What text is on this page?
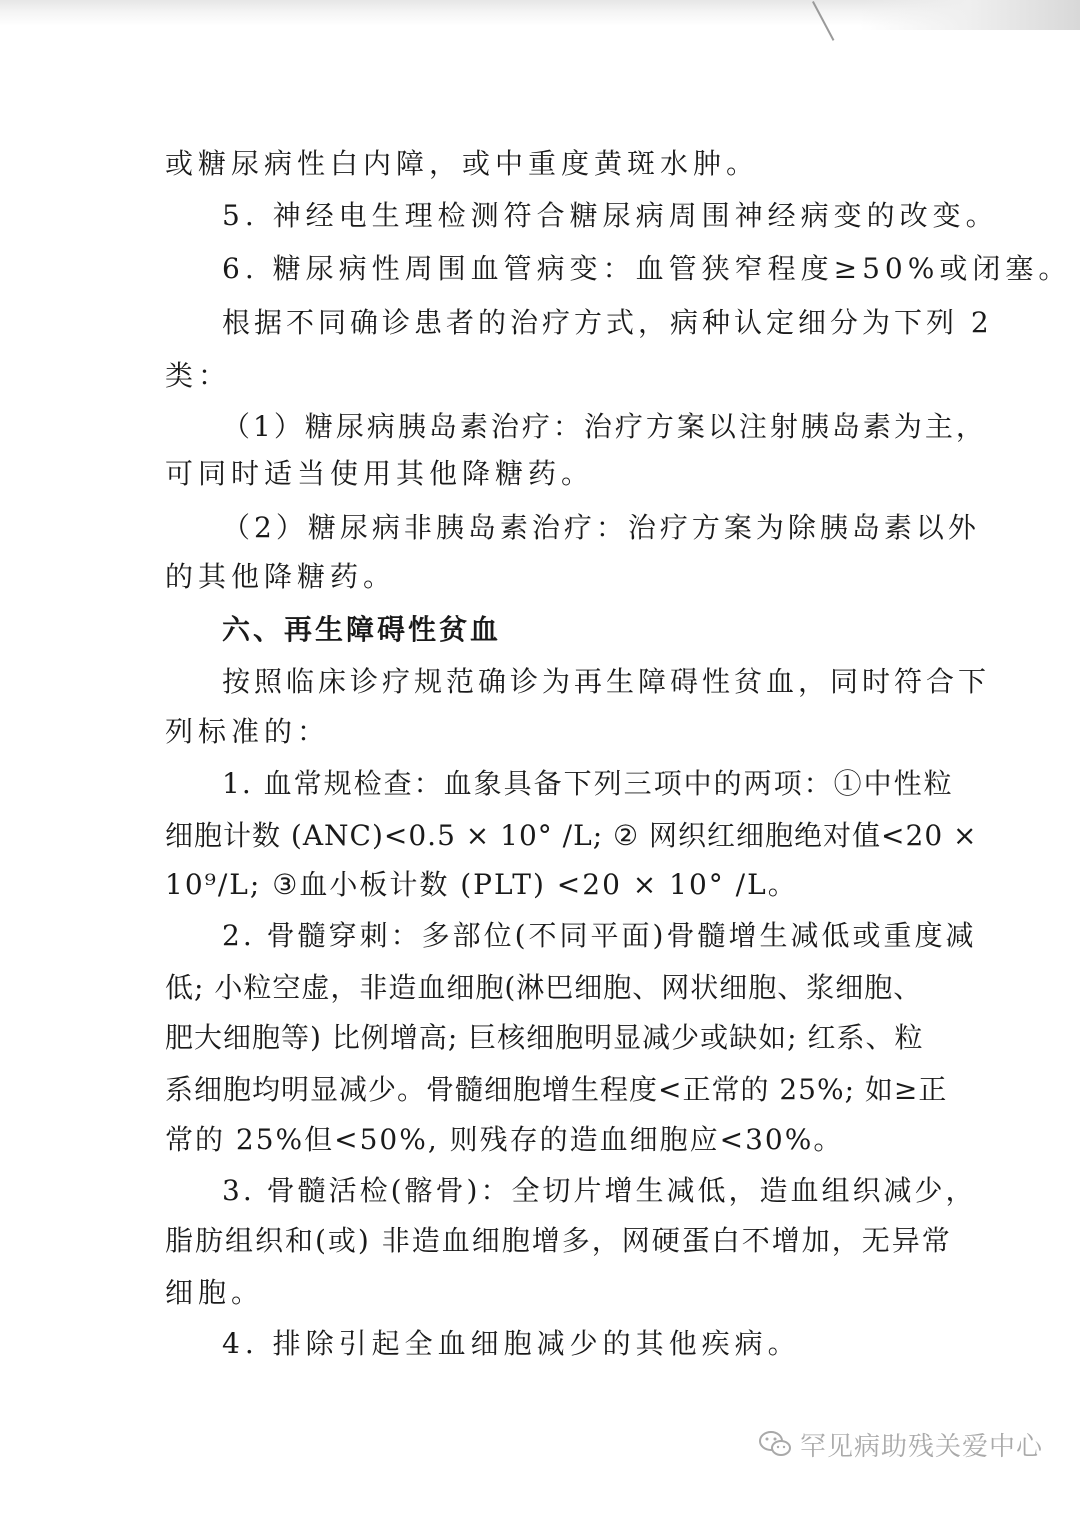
或糖尿病性白内障，或中重度黄斑水肿。
5. 神经电生理检测符合糖尿病周围神经病变的改变。
6. 糖尿病性周围血管病变：血管狭窄程度≥50%或闭塞。
根据不同确诊患者的治疗方式，病种认定细分为下列 2
类：
（1）糖尿病胰岛素治疗：治疗方案以注射胰岛素为主，
可同时适当使用其他降糖药。
（2）糖尿病非胰岛素治疗：治疗方案为除胰岛素以外
的其他降糖药。
六、再生障碍性贫血
按照临床诊疗规范确诊为再生障碍性贫血，同时符合下
列标准的：
1. 血常规检查：血象具备下列三项中的两项：①中性粒
细胞计数 (ANC)<0.5 × 10° /L; ② 网织红细胞绝对值<20 ×
10⁹/L; ③血小板计数 (PLT) <20 × 10° /L。
2. 骨髓穿刺：多部位(不同平面)骨髓增生减低或重度减
低; 小粒空虚，非造血细胞(淋巴细胞、网状细胞、浆细胞、
肥大细胞等) 比例增高; 巨核细胞明显减少或缺如; 红系、粒
系细胞均明显减少。骨髓细胞增生程度<正常的 25%; 如≥正
常的 25%但<50%, 则残存的造血细胞应<30%。
3. 骨髓活检(髂骨)：全切片增生减低，造血组织减少，
脂肪组织和(或) 非造血细胞增多，网硬蛋白不增加，无异常
细胞。
4. 排除引起全血细胞减少的其他疾病。
罕见病助残关爱中心
